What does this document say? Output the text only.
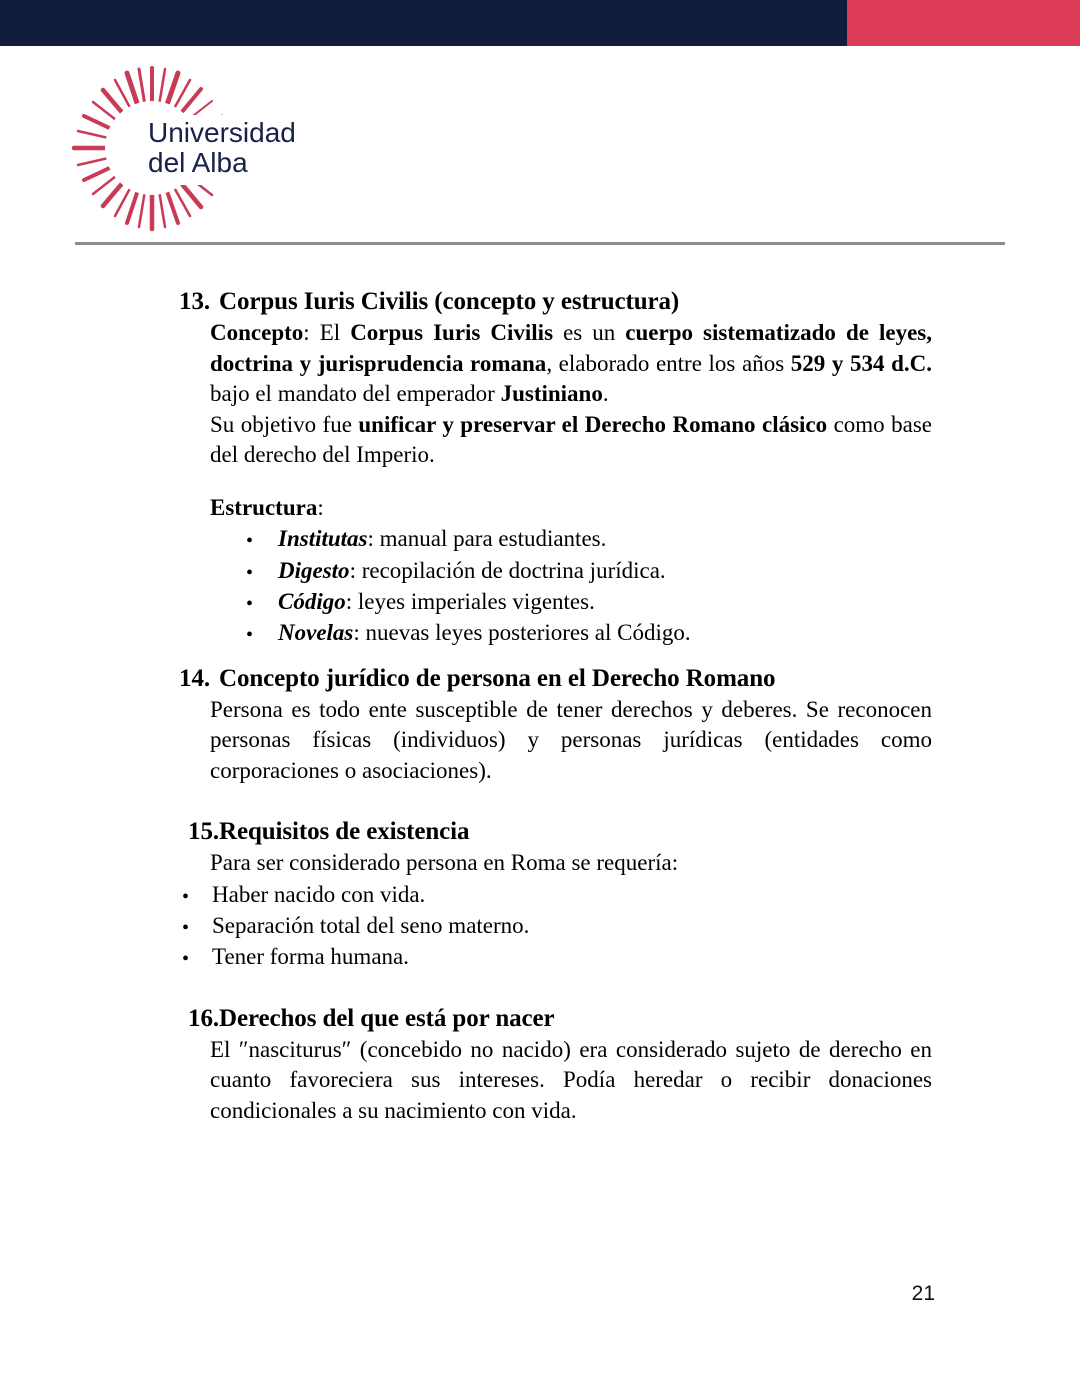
Universidad
del Alba
13. Corpus Iuris Civilis (concepto y estructura)
Concepto: El Corpus Iuris Civilis es un cuerpo sistematizado de leyes, doctrina y jurisprudencia romana, elaborado entre los años 529 y 534 d.C. bajo el mandato del emperador Justiniano.
Su objetivo fue unificar y preservar el Derecho Romano clásico como base del derecho del Imperio.
Estructura:
• Institutas: manual para estudiantes.
• Digesto: recopilación de doctrina jurídica.
• Código: leyes imperiales vigentes.
• Novelas: nuevas leyes posteriores al Código.
14. Concepto jurídico de persona en el Derecho Romano
Persona es todo ente susceptible de tener derechos y deberes. Se reconocen personas físicas (individuos) y personas jurídicas (entidades como corporaciones o asociaciones).
15. Requisitos de existencia
Para ser considerado persona en Roma se requería:
• Haber nacido con vida.
• Separación total del seno materno.
• Tener forma humana.
16. Derechos del que está por nacer
El ″nasciturus″ (concebido no nacido) era considerado sujeto de derecho en cuanto favoreciera sus intereses. Podía heredar o recibir donaciones condicionales a su nacimiento con vida.
21
